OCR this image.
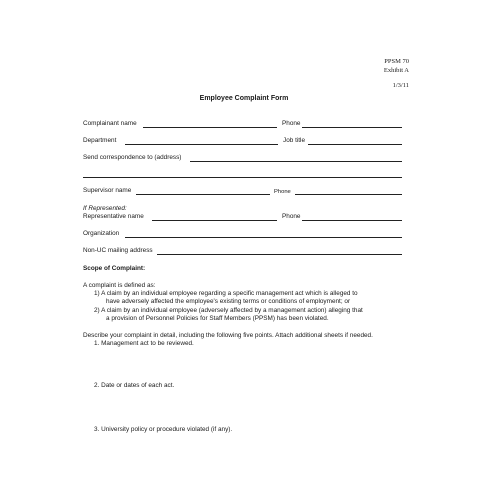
PPSM 70
Exhibit A
1/3/11
Employee Complaint Form
Complainant name	Phone
Department	Job title
Send correspondence to (address)
Supervisor name	Phone
If Represented:
Representative name	Phone
Organization
Non-UC mailing address
Scope of Complaint:
A complaint is defined as:
1) A claim by an individual employee regarding a specific management act which is alleged to
have adversely affected the employee's existing terms or conditions of employment; or
2) A claim by an individual employee (adversely affected by a management action) alleging that
a provision of Personnel Policies for Staff Members (PPSM) has been violated.
Describe your complaint in detail, including the following five points. Attach additional sheets if needed.
1. Management act to be reviewed.
2. Date or dates of each act.
3. University policy or procedure violated (if any).
